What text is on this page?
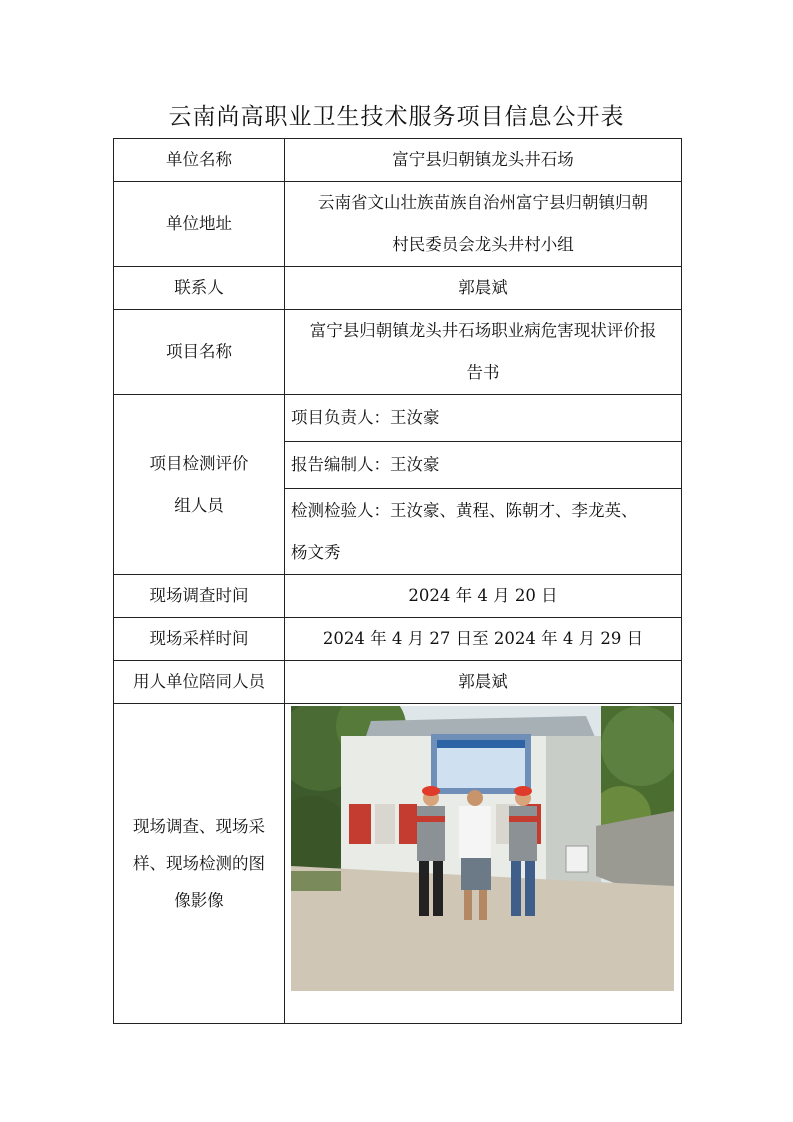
云南尚高职业卫生技术服务项目信息公开表
单位名称	富宁县归朝镇龙头井石场
单位地址	云南省文山壮族苗族自治州富宁县归朝镇归朝
村民委员会龙头井村小组

联系人	郭晨斌
项目名称	富宁县归朝镇龙头井石场职业病危害现状评价报
告书

项目检测评价
组人员	项目负责人：王汝豪
	报告编制人：王汝豪

	检测检验人：王汝豪、黄程、陈朝才、李龙英、
杨文秀

现场调查时间	2024 年 4 月 20 日
现场采样时间	2024 年 4 月 27 日至 2024 年 4 月 29 日
用人单位陪同人员	郭晨斌

现场调查、现场采
样、现场检测的图
像影像
